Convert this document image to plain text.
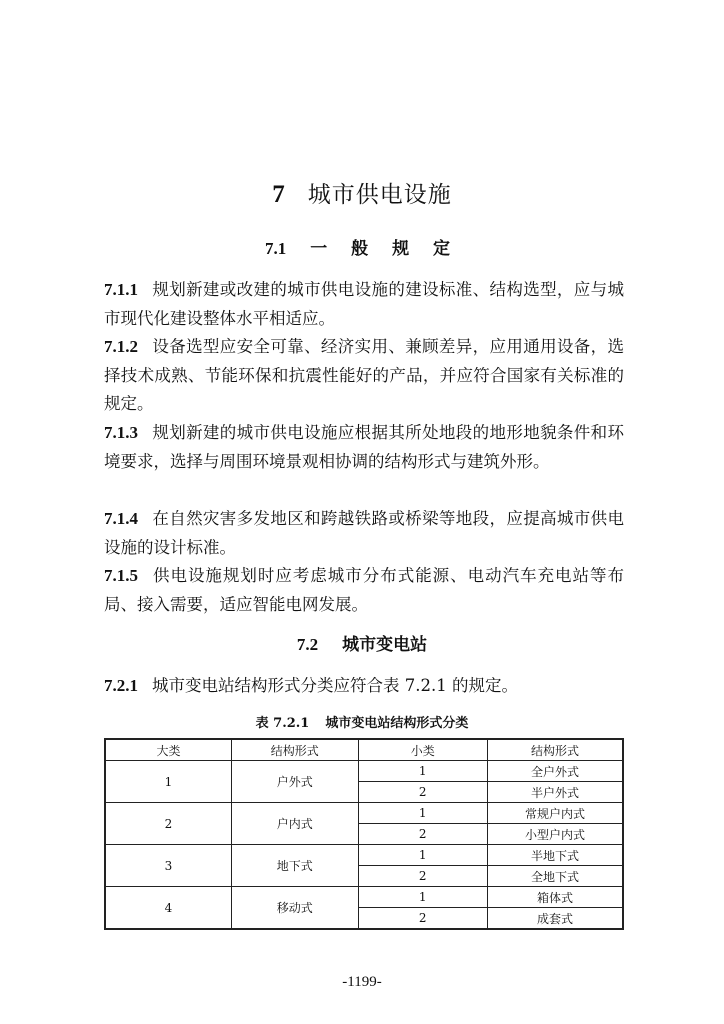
7 城市供电设施
7.1 一 般 规 定
7.1.1 规划新建或改建的城市供电设施的建设标准、结构选型，应与城市现代化建设整体水平相适应。
7.1.2 设备选型应安全可靠、经济实用、兼顾差异，应用通用设备，选择技术成熟、节能环保和抗震性能好的产品，并应符合国家有关标准的规定。
7.1.3 规划新建的城市供电设施应根据其所处地段的地形地貌条件和环境要求，选择与周围环境景观相协调的结构形式与建筑外形。
7.1.4 在自然灾害多发地区和跨越铁路或桥梁等地段，应提高城市供电设施的设计标准。
7.1.5 供电设施规划时应考虑城市分布式能源、电动汽车充电站等布局、接入需要，适应智能电网发展。
7.2 城市变电站
7.2.1 城市变电站结构形式分类应符合表 7.2.1 的规定。
表 7.2.1 城市变电站结构形式分类
大类	结构形式	小类	结构形式
1	户外式	1	全户外式
		2	半户外式
2	户内式	1	常规户内式
		2	小型户内式
3	地下式	1	半地下式
		2	全地下式
4	移动式	1	箱体式
		2	成套式
-1199-
